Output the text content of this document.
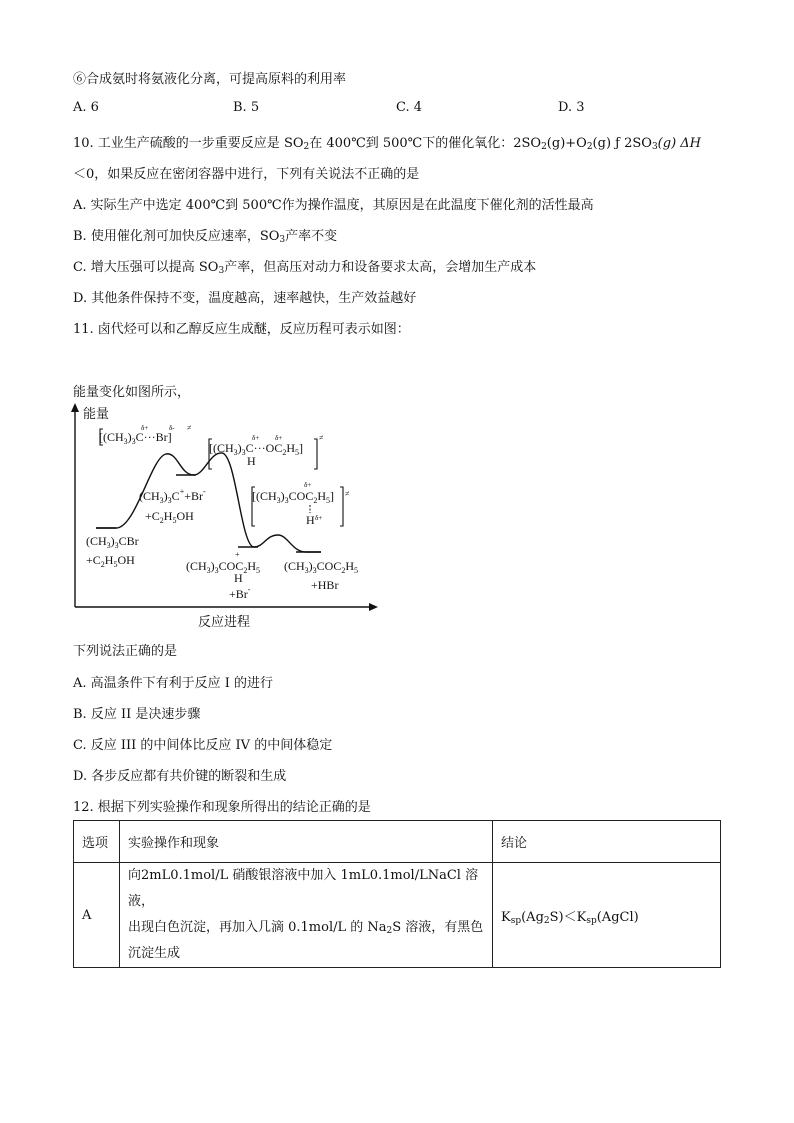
⑥合成氨时将氨液化分离，可提高原料的利用率
A. 6	B. 5	C. 4	D. 3
10. 工业生产硫酸的一步重要反应是 $SO_2$在 400℃到 500℃下的催化氧化：$2SO_2(g)+O_2(g)$ ƒ $2SO_3(g)$ ΔH
＜0，如果反应在密闭容器中进行，下列有关说法不正确的是
A. 实际生产中选定 400℃到 500℃作为操作温度，其原因是在此温度下催化剂的活性最高
B. 使用催化剂可加快反应速率，$SO_3$产率不变
C. 增大压强可以提高 $SO_3$产率，但高压对动力和设备要求太高，会增加生产成本
D. 其他条件保持不变，温度越高，速率越快，生产效益越好
11. 卤代烃可以和乙醇反应生成醚，反应历程可表示如图：
能量变化如图所示，
能量
$[(CH_3)_3C\cdot\cdot\cdot Br]$
δ+	δ- ≠
$(CH_3)_3C^++Br^-$
$+C_2H_5OH$
$(CH_3)_3CBr$
$+C_2H_5OH$
$[(CH_3)_3C\cdot\cdot\cdot OC_2H_5]$
H
δ+ δ+	≠
$[(CH_3)_3COC_2H_5]$
H
δ+
δ+
≠
$(CH_3)_3COC_2H_5$
+
H
+Br-
$(CH_3)_3COC_2H_5$
+HBr
反应进程
下列说法正确的是
A. 高温条件下有利于反应 I 的进行
B. 反应 II 是决速步骤
C. 反应 III 的中间体比反应 IV 的中间体稳定
D. 各步反应都有共价键的断裂和生成
12. 根据下列实验操作和现象所得出的结论正确的是
选项	实验操作和现象	结论
A	向2mL0.1mol/L 硝酸银溶液中加入 1mL0.1mol/LNaCl 溶液，
出现白色沉淀，再加入几滴 0.1mol/L 的 $Na_2S$ 溶液，有黑色
沉淀生成	$K_{sp}(Ag_2S)<K_{sp}(AgCl)$
